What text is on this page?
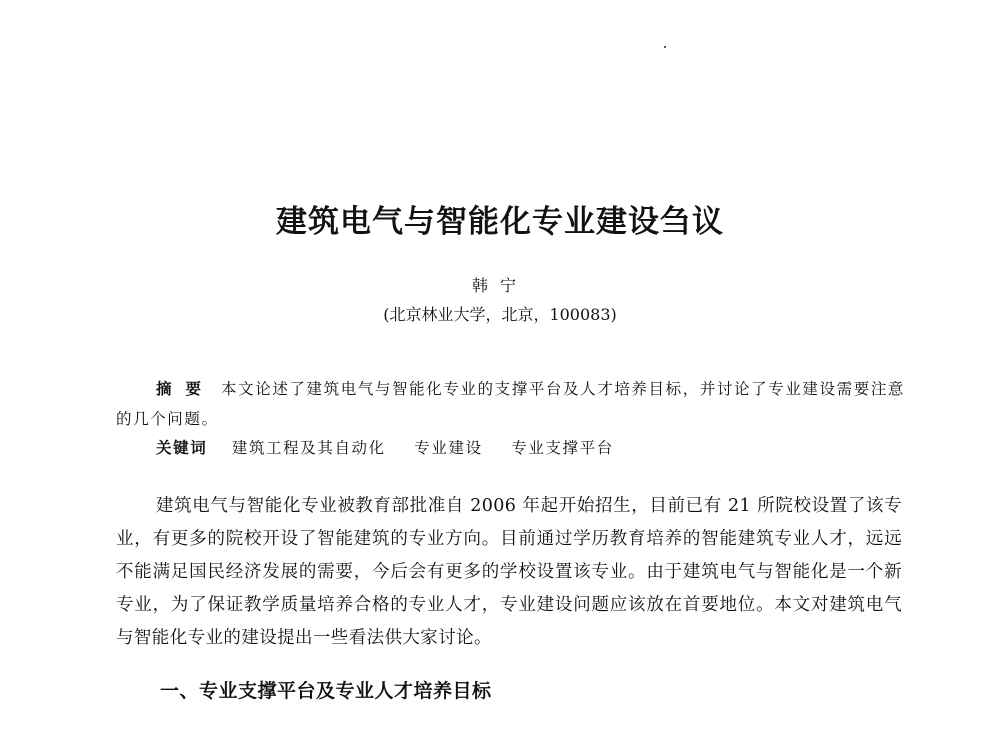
建筑电气与智能化专业建设刍议
韩宁
(北京林业大学，北京，100083)
摘要 本文论述了建筑电气与智能化专业的支撑平台及人才培养目标，并讨论了专业建设需要注意的几个问题。
关键词 建筑工程及其自动化 专业建设 专业支撑平台
建筑电气与智能化专业被教育部批准自 2006 年起开始招生，目前已有 21 所院校设置了该专业，有更多的院校开设了智能建筑的专业方向。目前通过学历教育培养的智能建筑专业人才，远远不能满足国民经济发展的需要，今后会有更多的学校设置该专业。由于建筑电气与智能化是一个新专业，为了保证教学质量培养合格的专业人才，专业建设问题应该放在首要地位。本文对建筑电气与智能化专业的建设提出一些看法供大家讨论。
一、专业支撑平台及专业人才培养目标
